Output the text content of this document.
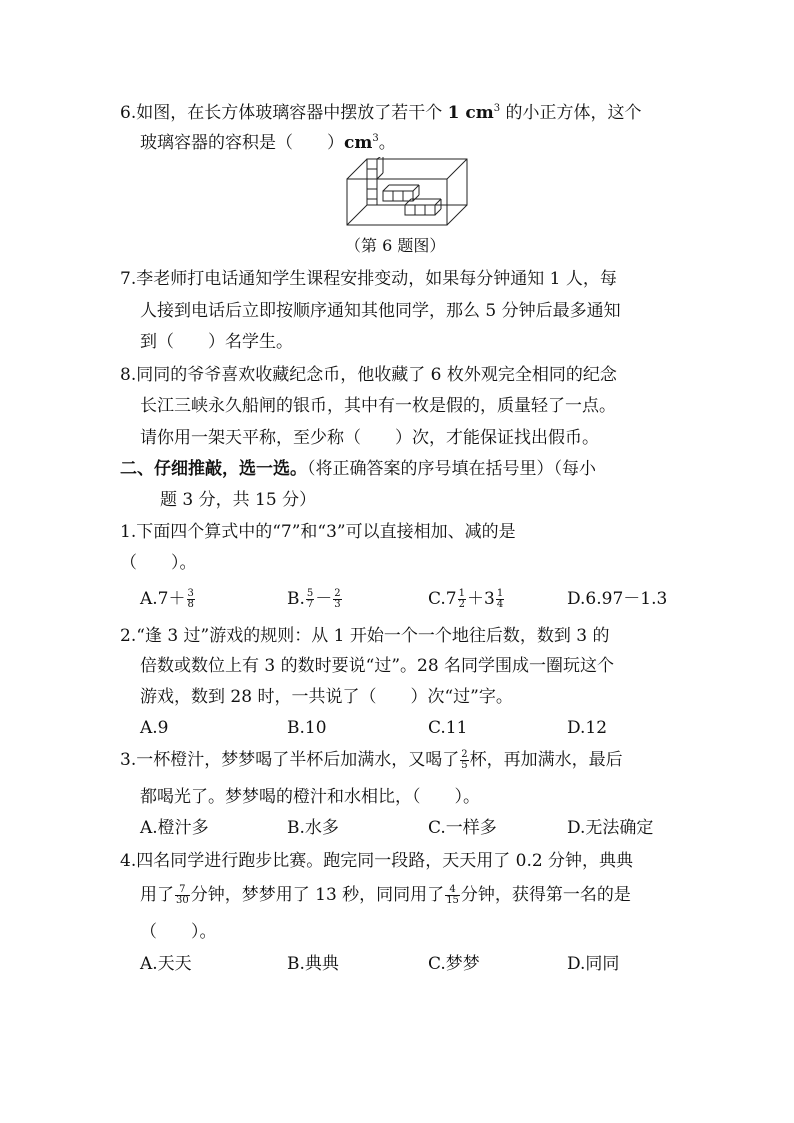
6.如图，在长方体玻璃容器中摆放了若干个 1 $cm^3$ 的小正方体，这个
玻璃容器的容积是（　　）$cm^3$。
（第 6 题图）
7.李老师打电话通知学生课程安排变动，如果每分钟通知 1 人，每
人接到电话后立即按顺序通知其他同学，那么 5 分钟后最多通知
到（　　）名学生。
8.同同的爷爷喜欢收藏纪念币，他收藏了 6 枚外观完全相同的纪念
长江三峡永久船闸的银币，其中有一枚是假的，质量轻了一点。
请你用一架天平称，至少称（　　）次，才能保证找出假币。
二、仔细推敲，选一选。（将正确答案的序号填在括号里）（每小
题 3 分，共 15 分）
1.下面四个算式中的“7”和“3”可以直接相加、减的是
（　　）。
$A.7+ \frac{3}{8}$	B. $\frac{5}{7} - \frac{2}{3}$	$C.7 \frac{1}{2} +3 \frac{1}{4}$	D.6.97－1.3
2.“逢 3 过”游戏的规则：从 1 开始一个一个地往后数，数到 3 的
倍数或数位上有 3 的数时要说“过”。28 名同学围成一圈玩这个
游戏，数到 28 时，一共说了（　　）次“过”字。
A.9	B.10	C.11	D.12
3.一杯橙汁，梦梦喝了半杯后加满水，又喝了 $\frac{2}{5}$ 杯，再加满水，最后
都喝光了。梦梦喝的橙汁和水相比，（　　）。
A.橙汁多	B.水多	C.一样多	D.无法确定
4.四名同学进行跑步比赛。跑完同一段路，天天用了 0.2 分钟，典典
用了 $\frac{7}{30}$ 分钟，梦梦用了 13 秒，同同用了 $\frac{4}{15}$ 分钟，获得第一名的是
（　　）。
A.天天	B.典典	C.梦梦	D.同同
